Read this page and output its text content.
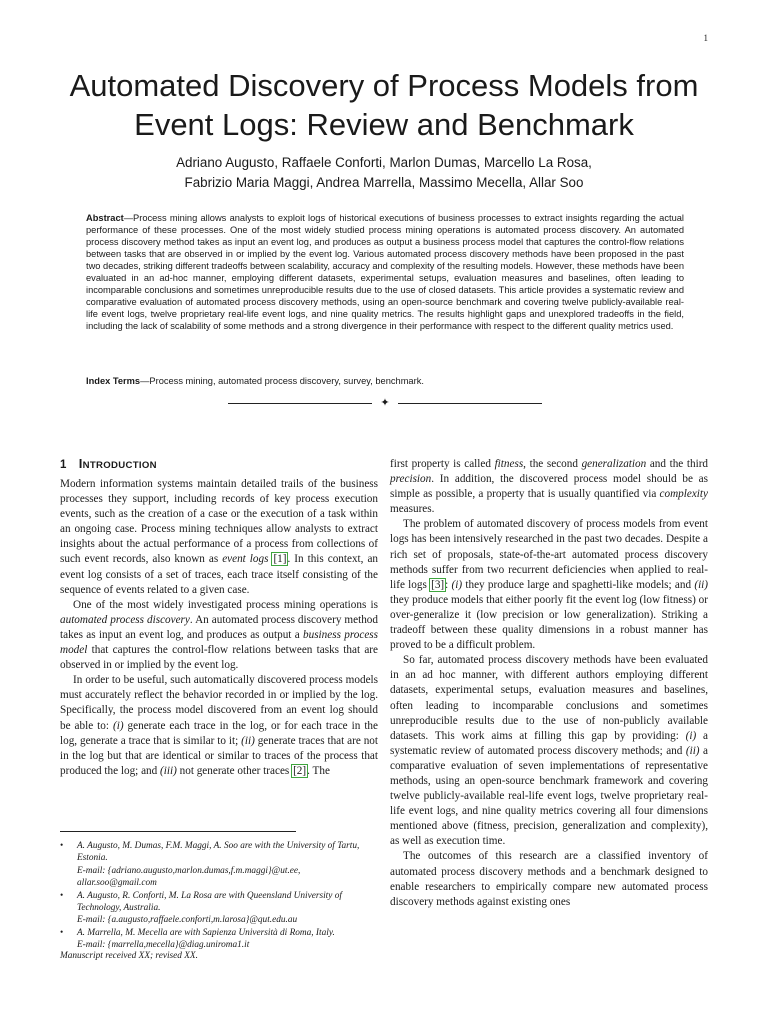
1
Automated Discovery of Process Models from
Event Logs: Review and Benchmark
Adriano Augusto, Raffaele Conforti, Marlon Dumas, Marcello La Rosa,
Fabrizio Maria Maggi, Andrea Marrella, Massimo Mecella, Allar Soo

Abstract—Process mining allows analysts to exploit logs of historical executions of business processes to extract insights regarding the actual performance of these processes. One of the most widely studied process mining operations is automated process discovery. An automated process discovery method takes as input an event log, and produces as output a business process model that captures the control-flow relations between tasks that are observed in or implied by the event log. Various automated process discovery methods have been proposed in the past two decades, striking different tradeoffs between scalability, accuracy and complexity of the resulting models. However, these methods have been evaluated in an ad-hoc manner, employing different datasets, experimental setups, evaluation measures and baselines, often leading to incomparable conclusions and sometimes unreproducible results due to the use of closed datasets. This article provides a systematic review and comparative evaluation of automated process discovery methods, using an open-source benchmark and covering twelve publicly-available real-life event logs, twelve proprietary real-life event logs, and nine quality metrics. The results highlight gaps and unexplored tradeoffs in the field, including the lack of scalability of some methods and a strong divergence in their performance with respect to the different quality metrics used.

Index Terms—Process mining, automated process discovery, survey, benchmark.

✦
1 INTRODUCTION

Modern information systems maintain detailed trails of the business processes they support, including records of key process execution events, such as the creation of a case or the execution of a task within an ongoing case. Process mining techniques allow analysts to extract insights about the actual performance of a process from collections of such event records, also known as event logs [1]. In this context, an event log consists of a set of traces, each trace itself consisting of the sequence of events related to a given case.

One of the most widely investigated process mining operations is automated process discovery. An automated process discovery method takes as input an event log, and produces as output a business process model that captures the control-flow relations between tasks that are observed in or implied by the event log.

In order to be useful, such automatically discovered process models must accurately reflect the behavior recorded in or implied by the log. Specifically, the process model discovered from an event log should be able to: (i) generate each trace in the log, or for each trace in the log, generate a trace that is similar to it; (ii) generate traces that are not in the log but that are identical or similar to traces of the process that produced the log; and (iii) not generate other traces [2]. The

• A. Augusto, M. Dumas, F.M. Maggi, A. Soo are with the University of Tartu, Estonia.
E-mail: {adriano.augusto,marlon.dumas,f.m.maggi}@ut.ee, allar.soo@gmail.com
• A. Augusto, R. Conforti, M. La Rosa are with Queensland University of Technology, Australia.
E-mail: {a.augusto,raffaele.conforti,m.larosa}@qut.edu.au
• A. Marrella, M. Mecella are with Sapienza Università di Roma, Italy.
E-mail: {marrella,mecella}@diag.uniroma1.it
Manuscript received XX; revised XX.

first property is called fitness, the second generalization and the third precision. In addition, the discovered process model should be as simple as possible, a property that is usually quantified via complexity measures.

The problem of automated discovery of process models from event logs has been intensively researched in the past two decades. Despite a rich set of proposals, state-of-the-art automated process discovery methods suffer from two recurrent deficiencies when applied to real-life logs [3]: (i) they produce large and spaghetti-like models; and (ii) they produce models that either poorly fit the event log (low fitness) or over-generalize it (low precision or low generalization). Striking a tradeoff between these quality dimensions in a robust manner has proved to be a difficult problem.

So far, automated process discovery methods have been evaluated in an ad hoc manner, with different authors employing different datasets, experimental setups, evaluation measures and baselines, often leading to incomparable conclusions and sometimes unreproducible results due to the use of non-publicly available datasets. This work aims at filling this gap by providing: (i) a systematic review of automated process discovery methods; and (ii) a comparative evaluation of seven implementations of representative methods, using an open-source benchmark framework and covering twelve publicly-available real-life event logs, twelve proprietary real-life event logs, and nine quality metrics covering all four dimensions mentioned above (fitness, precision, generalization and complexity), as well as execution time.

The outcomes of this research are a classified inventory of automated process discovery methods and a benchmark designed to enable researchers to empirically compare new automated process discovery methods against existing ones
